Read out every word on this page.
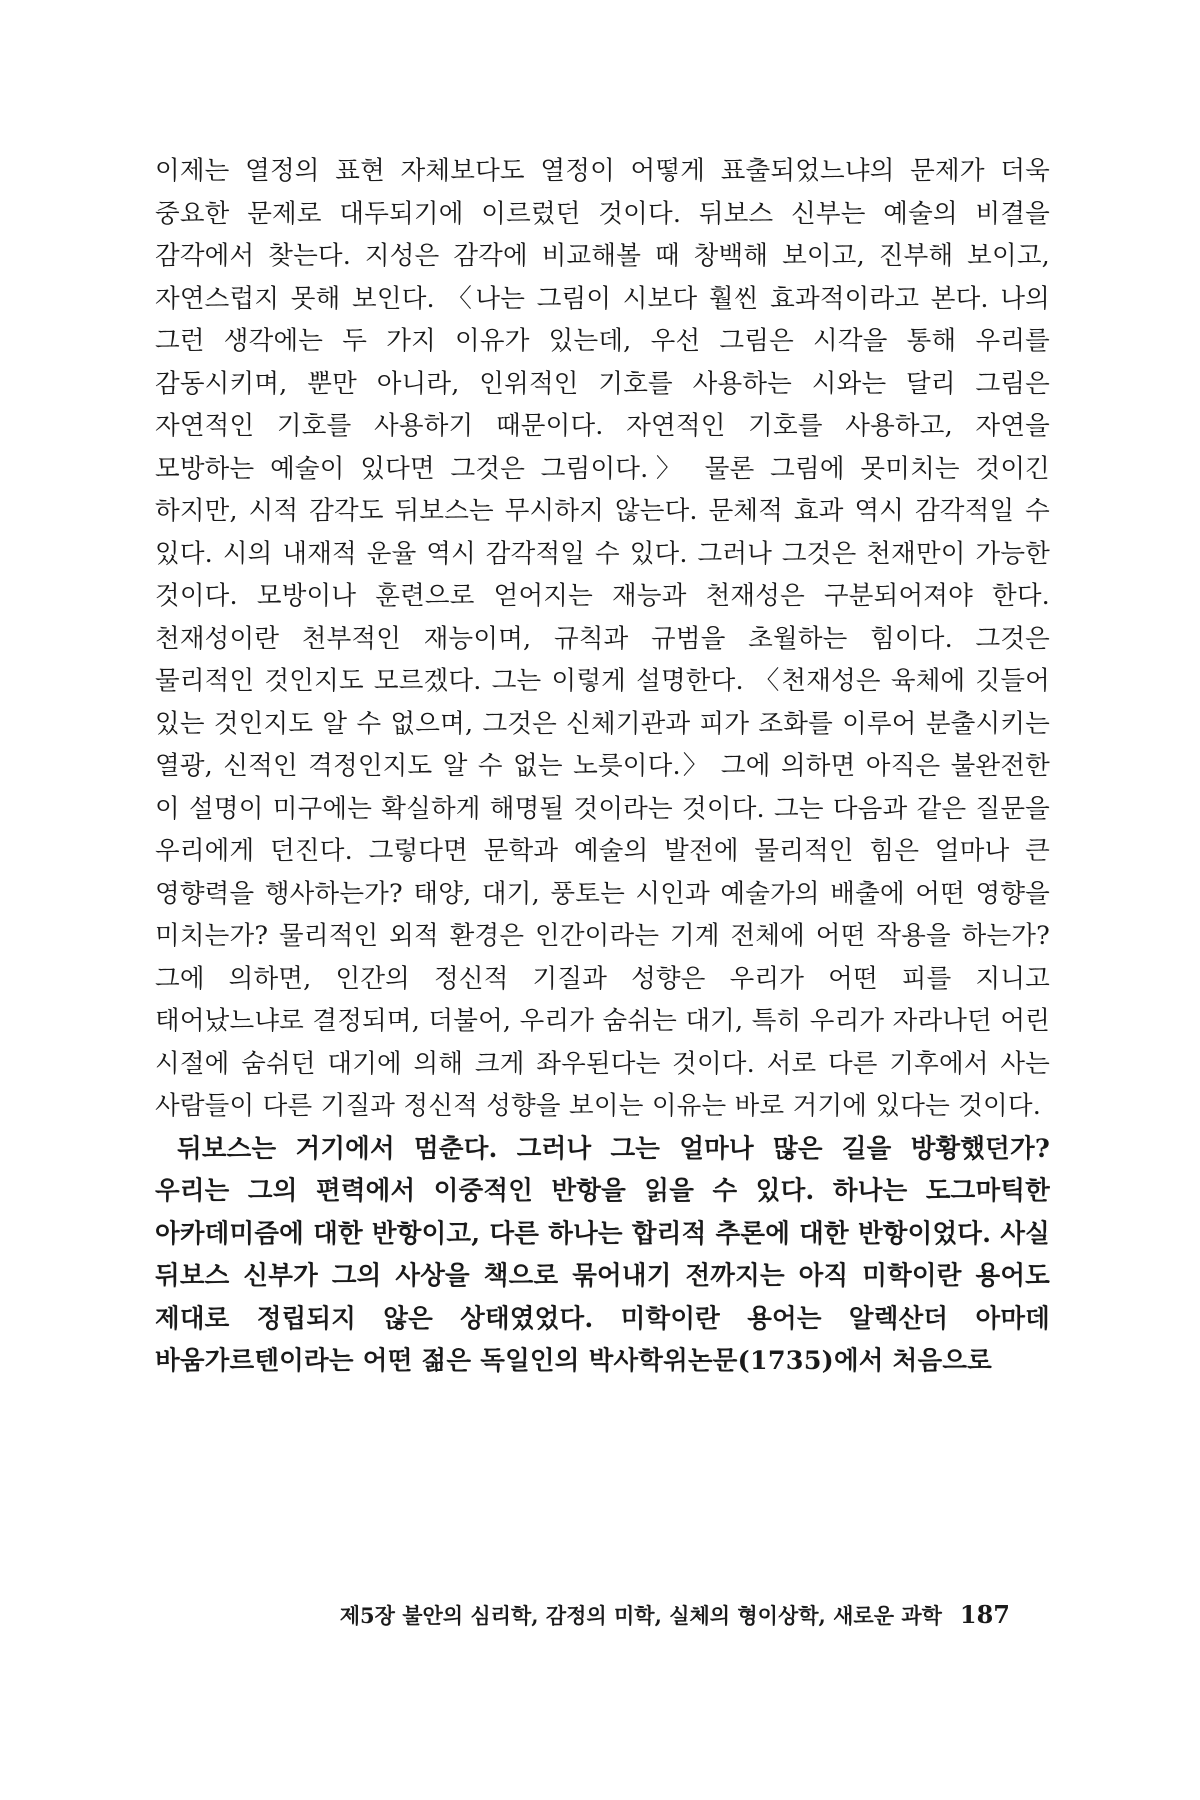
이제는 열정의 표현 자체보다도 열정이 어떻게 표출되었느냐의 문제가 더욱 중요한 문제로 대두되기에 이르렀던 것이다. 뒤보스 신부는 예술의 비결을 감각에서 찾는다. 지성은 감각에 비교해볼 때 창백해 보이고, 진부해 보이고, 자연스럽지 못해 보인다. 〈나는 그림이 시보다 훨씬 효과적이라고 본다. 나의 그런 생각에는 두 가지 이유가 있는데, 우선 그림은 시각을 통해 우리를 감동시키며, 뿐만 아니라, 인위적인 기호를 사용하는 시와는 달리 그림은 자연적인 기호를 사용하기 때문이다. 자연적인 기호를 사용하고, 자연을 모방하는 예술이 있다면 그것은 그림이다.〉 물론 그림에 못미치는 것이긴 하지만, 시적 감각도 뒤보스는 무시하지 않는다. 문체적 효과 역시 감각적일 수 있다. 시의 내재적 운율 역시 감각적일 수 있다. 그러나 그것은 천재만이 가능한 것이다. 모방이나 훈련으로 얻어지는 재능과 천재성은 구분되어져야 한다. 천재성이란 천부적인 재능이며, 규칙과 규범을 초월하는 힘이다. 그것은 물리적인 것인지도 모르겠다. 그는 이렇게 설명한다. 〈천재성은 육체에 깃들어 있는 것인지도 알 수 없으며, 그것은 신체기관과 피가 조화를 이루어 분출시키는 열광, 신적인 격정인지도 알 수 없는 노릇이다.〉 그에 의하면 아직은 불완전한 이 설명이 미구에는 확실하게 해명될 것이라는 것이다. 그는 다음과 같은 질문을 우리에게 던진다. 그렇다면 문학과 예술의 발전에 물리적인 힘은 얼마나 큰 영향력을 행사하는가? 태양, 대기, 풍토는 시인과 예술가의 배출에 어떤 영향을 미치는가? 물리적인 외적 환경은 인간이라는 기계 전체에 어떤 작용을 하는가? 그에 의하면, 인간의 정신적 기질과 성향은 우리가 어떤 피를 지니고 태어났느냐로 결정되며, 더불어, 우리가 숨쉬는 대기, 특히 우리가 자라나던 어린 시절에 숨쉬던 대기에 의해 크게 좌우된다는 것이다. 서로 다른 기후에서 사는 사람들이 다른 기질과 정신적 성향을 보이는 이유는 바로 거기에 있다는 것이다.

뒤보스는 거기에서 멈춘다. 그러나 그는 얼마나 많은 길을 방황했던가? 우리는 그의 편력에서 이중적인 반항을 읽을 수 있다. 하나는 도그마틱한 아카데미즘에 대한 반항이고, 다른 하나는 합리적 추론에 대한 반항이었다. 사실 뒤보스 신부가 그의 사상을 책으로 묶어내기 전까지는 아직 미학이란 용어도 제대로 정립되지 않은 상태였었다. 미학이란 용어는 알렉산더 아마데 바움가르텐이라는 어떤 젊은 독일인의 박사학위논문(1735)에서 처음으로

제5장 불안의 심리학, 감정의 미학, 실체의 형이상학, 새로운 과학 187
